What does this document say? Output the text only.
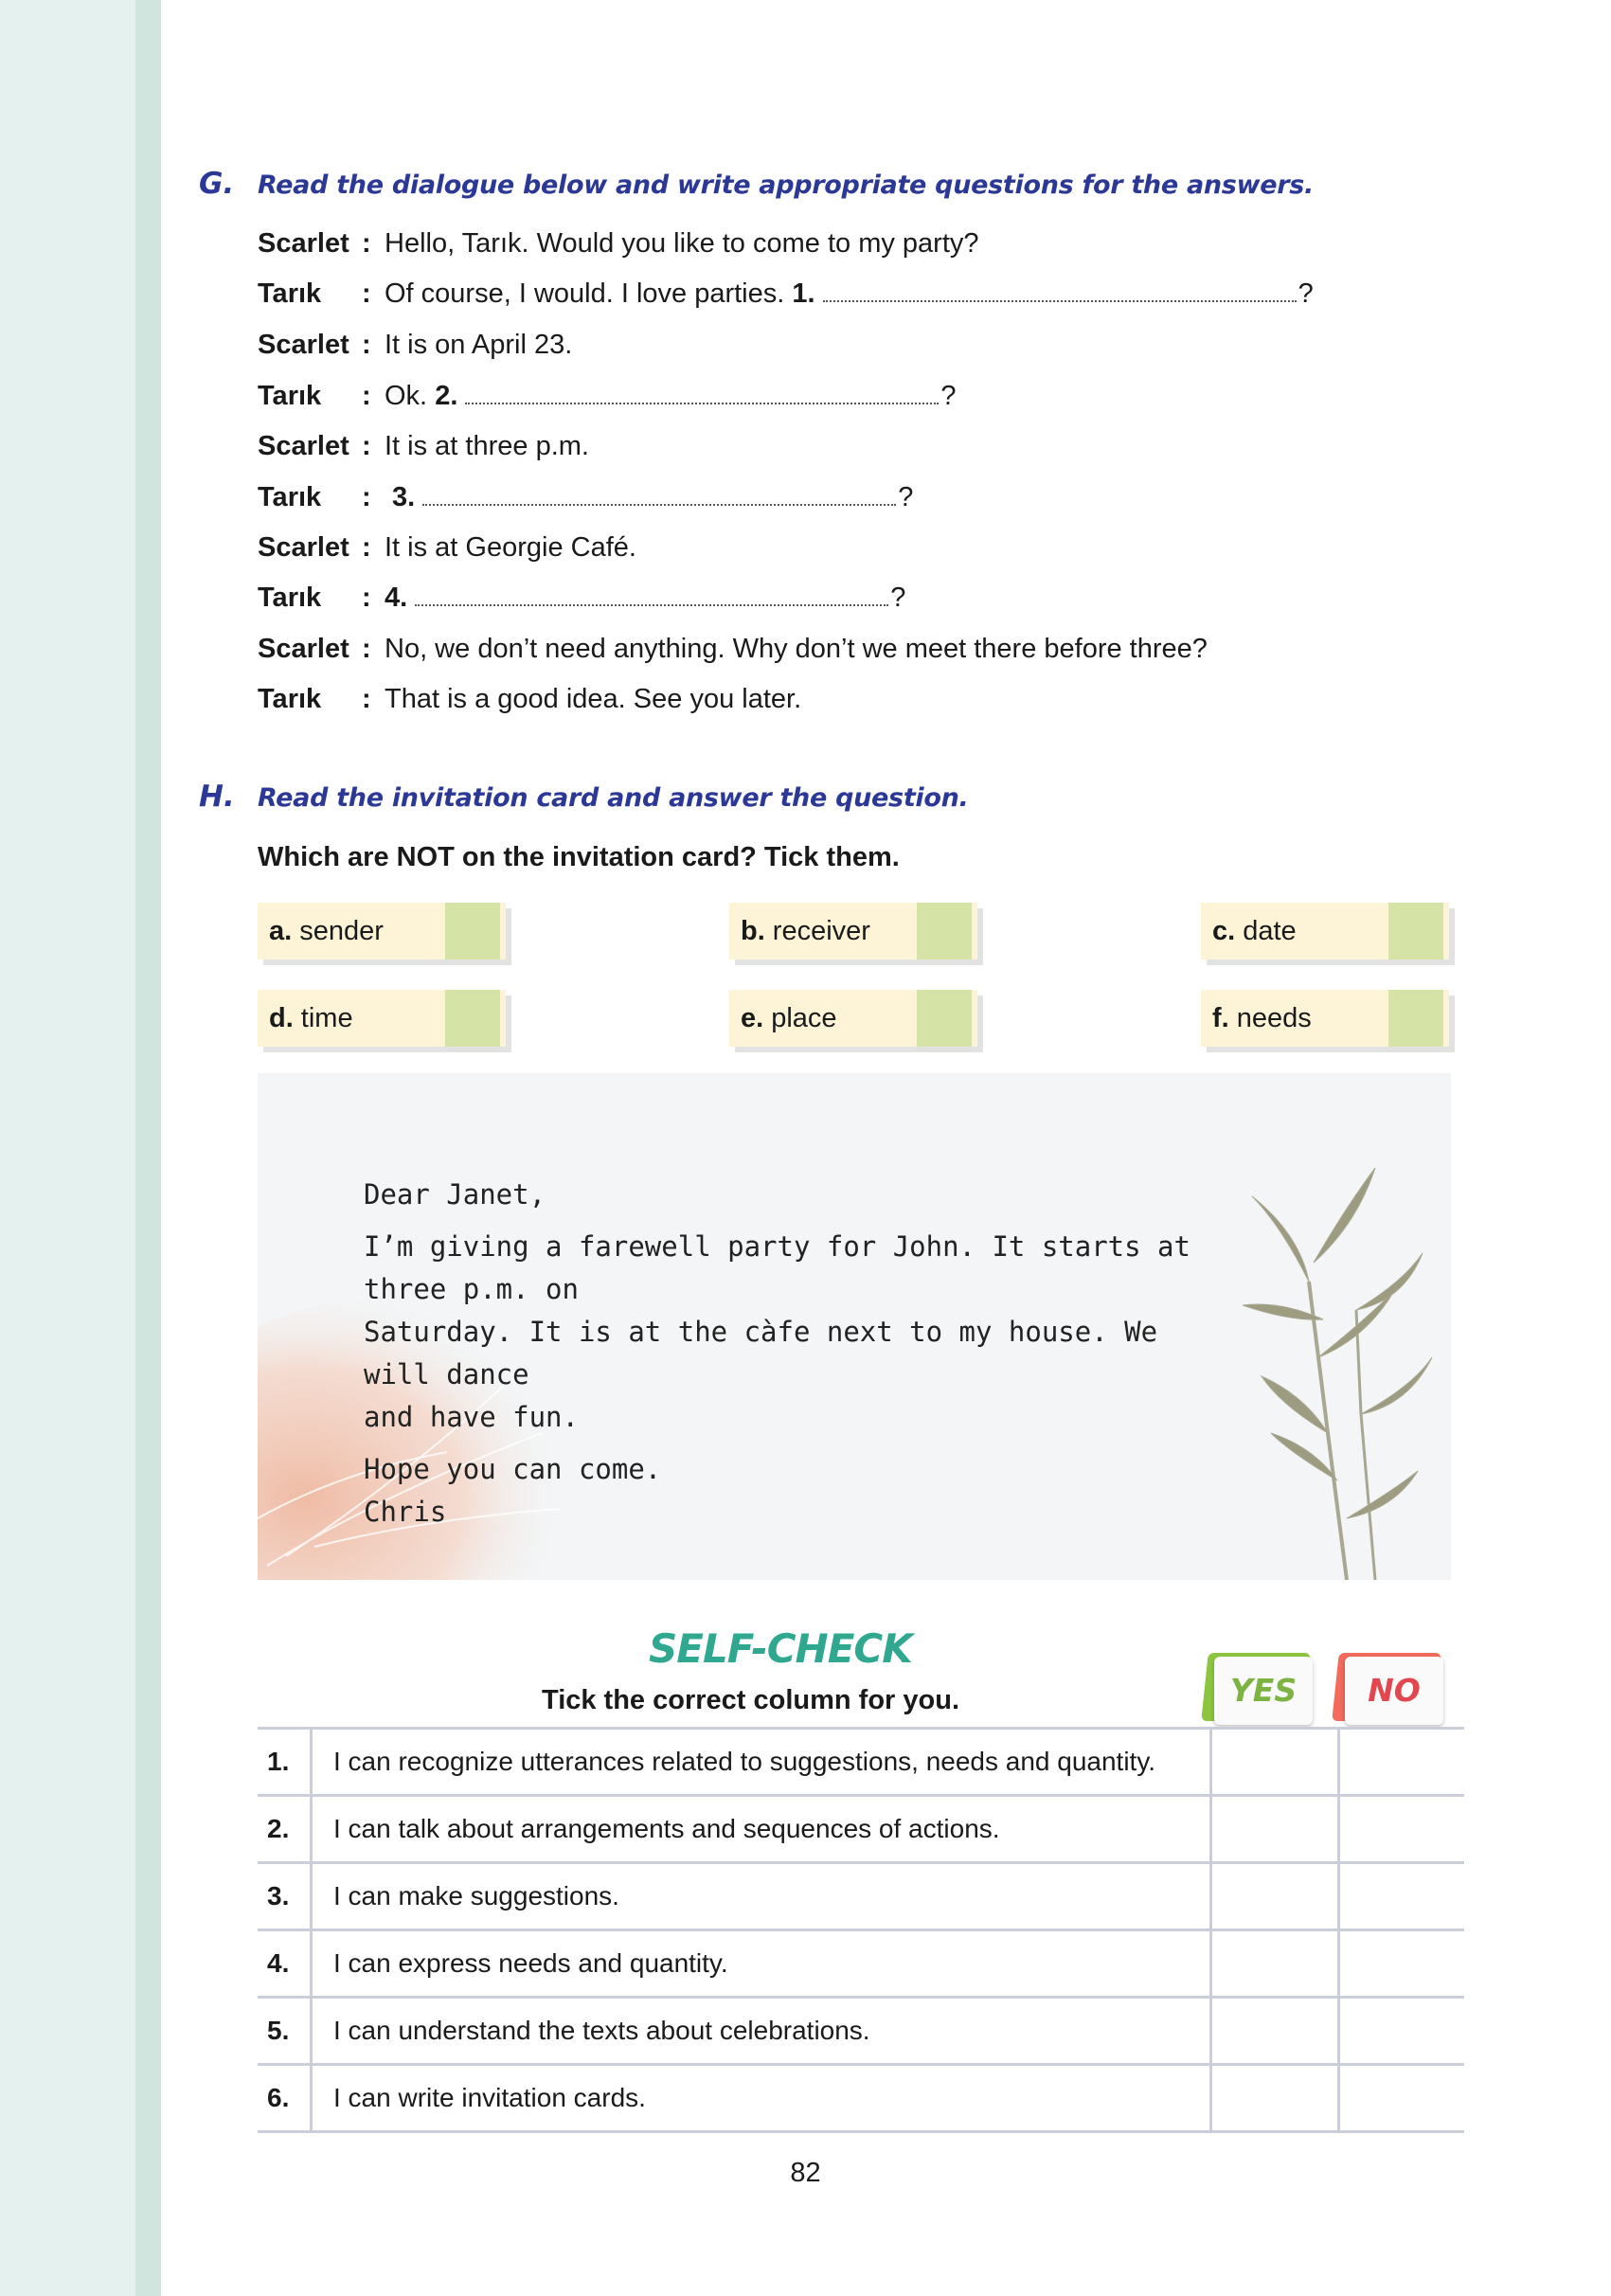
G. Read the dialogue below and write appropriate questions for the answers.
Scarlet : Hello, Tarık. Would you like to come to my party?
Tarık : Of course, I would. I love parties. 1.	?
Scarlet : It is on April 23.
Tarık : Ok. 2.	?
Scarlet : It is at three p.m.
Tarık : 3.	?
Scarlet : It is at Georgie Café.
Tarık : 4.	?
Scarlet : No, we don’t need anything. Why don’t we meet there before three?
Tarık : That is a good idea. See you later.
H. Read the invitation card and answer the question.
Which are NOT on the invitation card? Tick them.
a. sender	b. receiver	c. date
d. time	e. place	f. needs

Dear Janet,

I’m giving a farewell party for John. It starts at three p.m. on

Saturday. It is at the càfe next to my house. We will dance

and have fun.

Hope you can come.

Chris

SELF-CHECK
Tick the correct column for you.	YES	NO
1. I can recognize utterances related to suggestions, needs and quantity.
2. I can talk about arrangements and sequences of actions.
3. I can make suggestions.
4. I can express needs and quantity.
5. I can understand the texts about celebrations.
6. I can write invitation cards.
82
